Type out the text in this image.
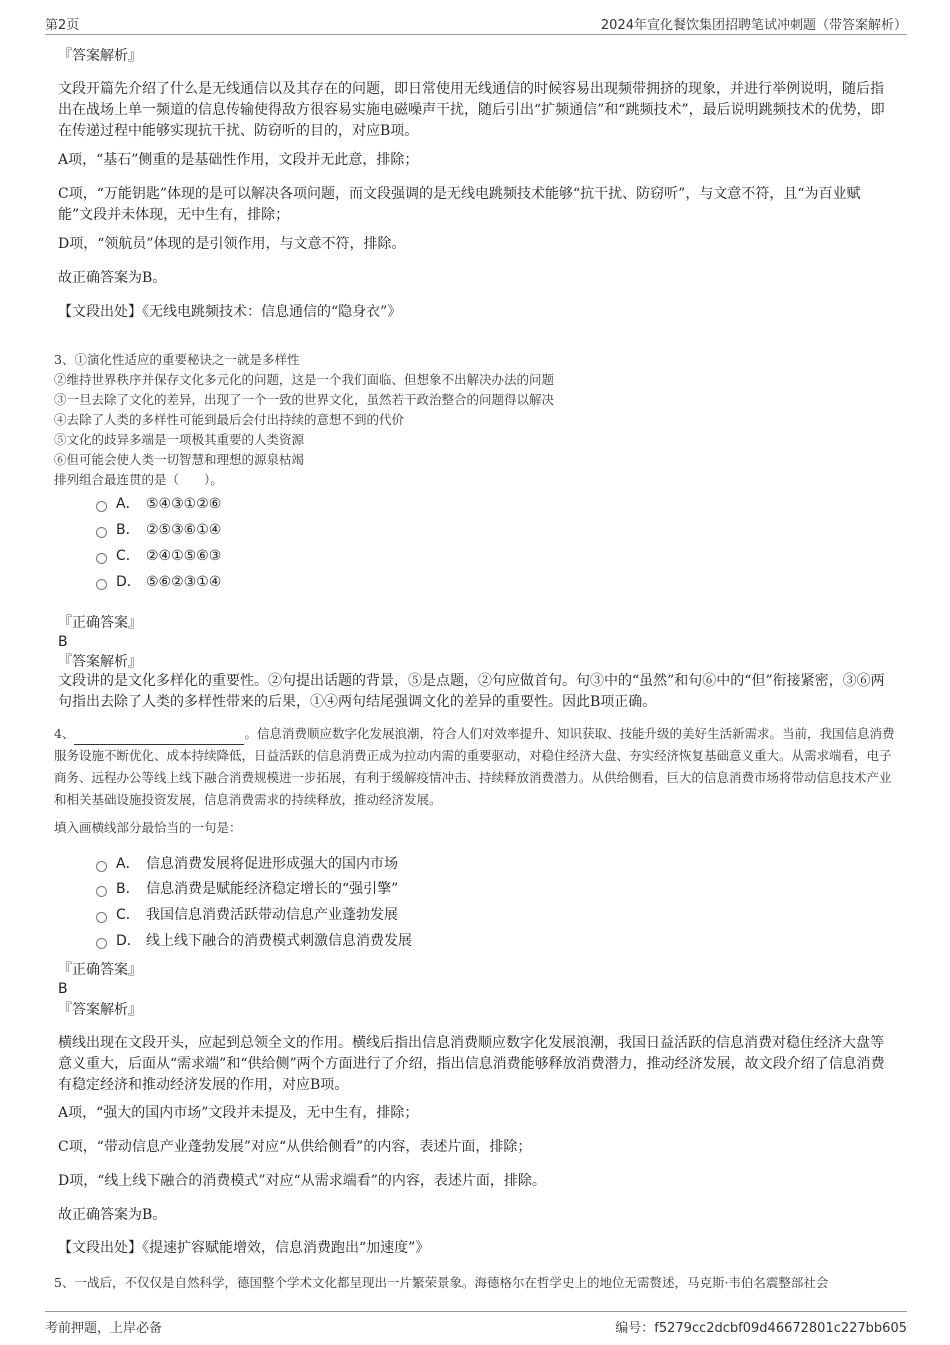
第2页	2024年宣化餐饮集团招聘笔试冲刺题（带答案解析）

『答案解析』

文段开篇先介绍了什么是无线通信以及其存在的问题，即日常使用无线通信的时候容易出现频带拥挤的现象，并进行举例说明，随后指出在战场上单一频道的信息传输使得敌方很容易实施电磁噪声干扰，随后引出“扩频通信”和“跳频技术”，最后说明跳频技术的优势，即在传递过程中能够实现抗干扰、防窃听的目的，对应B项。

A项，“基石”侧重的是基础性作用，文段并无此意，排除；

C项，“万能钥匙”体现的是可以解决各项问题，而文段强调的是无线电跳频技术能够“抗干扰、防窃听”，与文意不符，且“为百业赋能”文段并未体现，无中生有，排除；

D项，“领航员”体现的是引领作用，与文意不符，排除。

故正确答案为B。

【文段出处】《无线电跳频技术：信息通信的“隐身衣”》

3、①演化性适应的重要秘诀之一就是多样性

②维持世界秩序并保存文化多元化的问题，这是一个我们面临、但想象不出解决办法的问题

③一旦去除了文化的差异，出现了一个一致的世界文化，虽然若干政治整合的问题得以解决

④去除了人类的多样性可能到最后会付出持续的意想不到的代价

⑤文化的歧异多端是一项极其重要的人类资源

⑥但可能会使人类一切智慧和理想的源泉枯竭

排列组合最连贯的是（　　）。

A． ⑤④③①②⑥
B． ②⑤③⑥①④
C． ②④①⑤⑥③
D． ⑤⑥②③①④

『正确答案』

B

『答案解析』

文段讲的是文化多样化的重要性。②句提出话题的背景，⑤是点题，②句应做首句。句③中的“虽然”和句⑥中的“但”衔接紧密，③⑥两句指出去除了人类的多样性带来的后果，①④两句结尾强调文化的差异的重要性。因此B项正确。

4、	。信息消费顺应数字化发展浪潮，符合人们对效率提升、知识获取、技能升级的美好生活新需求。当前，我国信息消费服务设施不断优化、成本持续降低，日益活跃的信息消费正成为拉动内需的重要驱动，对稳住经济大盘、夯实经济恢复基础意义重大。从需求端看，电子商务、远程办公等线上线下融合消费规模进一步拓展，有利于缓解疫情冲击、持续释放消费潜力。从供给侧看，巨大的信息消费市场将带动信息技术产业和相关基础设施投资发展，信息消费需求的持续释放，推动经济发展。

填入画横线部分最恰当的一句是：

A． 信息消费发展将促进形成强大的国内市场
B． 信息消费是赋能经济稳定增长的“强引擎”
C． 我国信息消费活跃带动信息产业蓬勃发展
D． 线上线下融合的消费模式刺激信息消费发展

『正确答案』

B

『答案解析』

横线出现在文段开头，应起到总领全文的作用。横线后指出信息消费顺应数字化发展浪潮，我国日益活跃的信息消费对稳住经济大盘等意义重大，后面从“需求端”和“供给侧”两个方面进行了介绍，指出信息消费能够释放消费潜力，推动经济发展，故文段介绍了信息消费有稳定经济和推动经济发展的作用，对应B项。

A项，“强大的国内市场”文段并未提及，无中生有，排除；

C项，“带动信息产业蓬勃发展”对应“从供给侧看”的内容，表述片面，排除；

D项，“线上线下融合的消费模式”对应“从需求端看”的内容，表述片面，排除。

故正确答案为B。

【文段出处】《提速扩容赋能增效，信息消费跑出“加速度”》

5、一战后，不仅仅是自然科学，德国整个学术文化都呈现出一片繁荣景象。海德格尔在哲学史上的地位无需赘述，马克斯·韦伯名震整部社会

考前押题，上岸必备	编号：f5279cc2dcbf09d46672801c227bb605
